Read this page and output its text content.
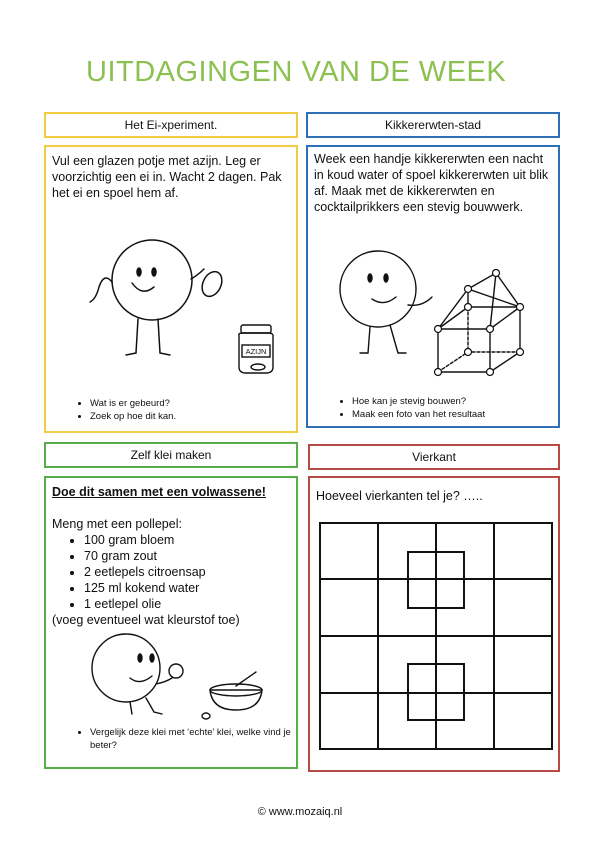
UITDAGINGEN VAN DE WEEK
Het Ei-xperiment.
Vul een glazen potje met azijn. Leg er voorzichtig een ei in. Wacht 2 dagen. Pak het ei en spoel hem af.
AZIJN
• Wat is er gebeurd?
• Zoek op hoe dit kan.
Kikkererwten-stad
Week een handje kikkererwten een nacht in koud water of spoel kikkererwten uit blik af. Maak met de kikkererwten en cocktailprikkers een stevig bouwwerk.
• Hoe kan je stevig bouwen?
• Maak een foto van het resultaat
Zelf klei maken
Doe dit samen met een volwassene!
Meng met een pollepel:
• 100 gram bloem
• 70 gram zout
• 2 eetlepels citroensap
• 125 ml kokend water
• 1 eetlepel olie
(voeg eventueel wat kleurstof toe)
• Vergelijk deze klei met ‘echte’ klei, welke vind je beter?
Vierkant
Hoeveel vierkanten tel je? …..
© www.mozaiq.nl
